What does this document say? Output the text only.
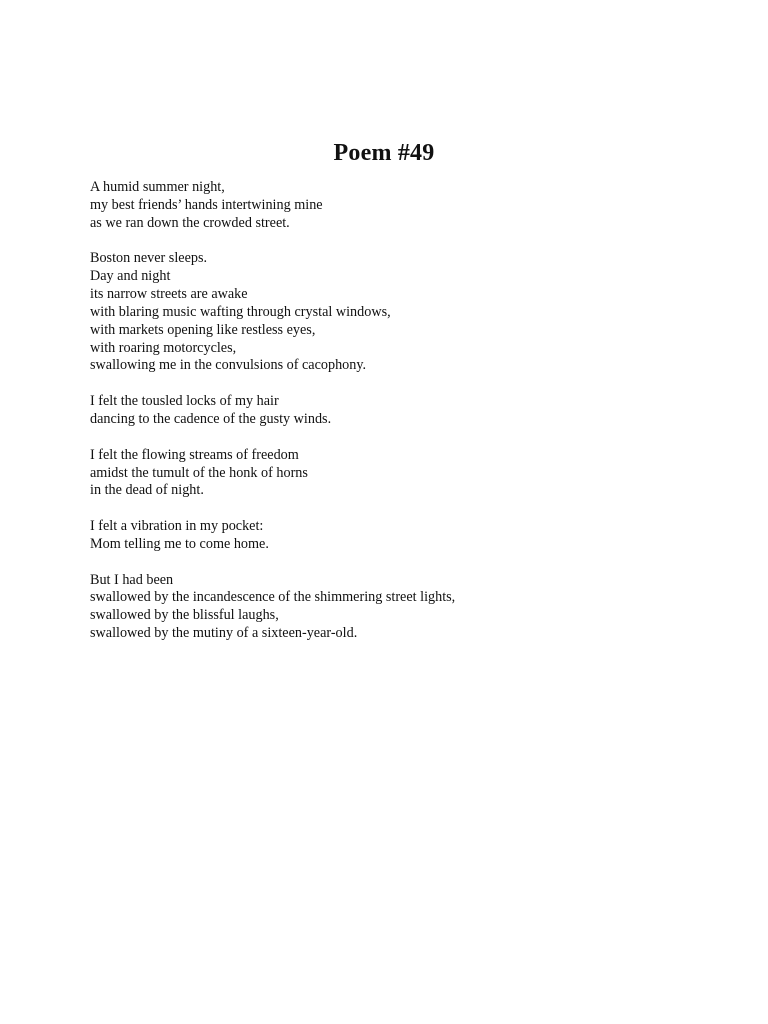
Poem #49
A humid summer night,
my best friends’ hands intertwining mine
as we ran down the crowded street.
Boston never sleeps.
Day and night
its narrow streets are awake
with blaring music wafting through crystal windows,
with markets opening like restless eyes,
with roaring motorcycles,
swallowing me in the convulsions of cacophony.
I felt the tousled locks of my hair
dancing to the cadence of the gusty winds.
I felt the flowing streams of freedom
amidst the tumult of the honk of horns
in the dead of night.
I felt a vibration in my pocket:
Mom telling me to come home.
But I had been
swallowed by the incandescence of the shimmering street lights,
swallowed by the blissful laughs,
swallowed by the mutiny of a sixteen-year-old.
